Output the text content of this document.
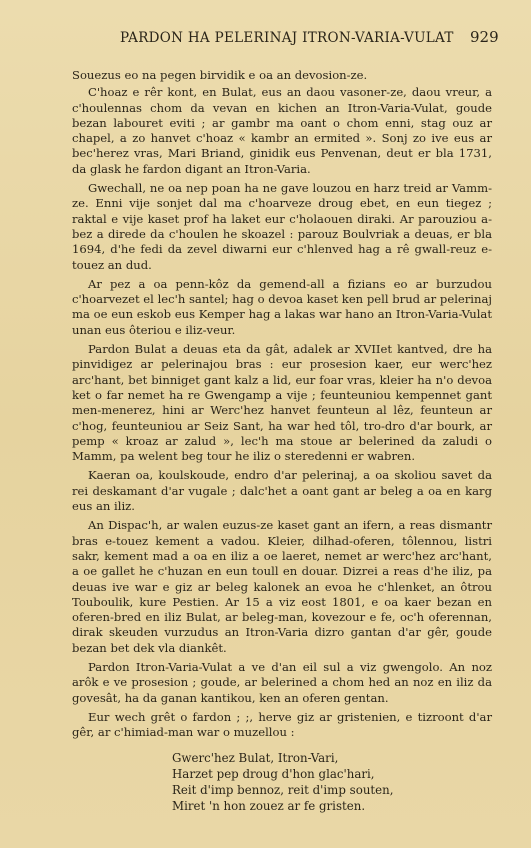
PARDON HA PELERINAJ ITRON-VARIA-VULAT 929

Souezus eo na pegen birvidik e oa an devosion-ze.

C'hoaz e rêr kont, en Bulat, eus an daou vasoner-ze, daou vreur, a c'houlennas chom da vevan en kichen an Itron-Varia-Vulat, goude bezan labouret eviti ; ar gambr ma oant o chom enni, stag ouz ar chapel, a zo hanvet c'hoaz « kambr an ermited ». Sonj zo ive eus ar bec'herez vras, Mari Briand, ginidik eus Penvenan, deut er bla 1731, da glask he fardon digant an Itron-Varia.

Gwechall, ne oa nep poan ha ne gave louzou en harz treid ar Vamm-ze. Enni vije sonjet dal ma c'hoarveze droug ebet, en eun tiegez ; raktal e vije kaset prof ha laket eur c'holaouen diraki. Ar parouziou a-bez a direde da c'houlen he skoazel : parouz Boulvriak a deuas, er bla 1694, d'he fedi da zevel diwarni eur c'hlenved hag a rê gwall-reuz e-touez an dud.

Ar pez a oa penn-kôz da gemend-all a fizians eo ar burzudou c'hoarvezet el lec'h santel; hag o devoa kaset ken pell brud ar pelerinaj ma oe eun eskob eus Kemper hag a lakas war hano an Itron-Varia-Vulat unan eus ôteriou e iliz-veur.

Pardon Bulat a deuas eta da gât, adalek ar XVIIet kantved, dre ha pinvidigez ar pelerinajou bras : eur prosesion kaer, eur werc'hez arc'hant, bet binniget gant kalz a lid, eur foar vras, kleier ha n'o devoa ket o far nemet ha re Gwengamp a vije ; feunteuniou kempennet gant men-menerez, hini ar Werc'hez hanvet feunteun al lêz, feunteun ar c'hog, feunteuniou ar Seiz Sant, ha war hed tôl, tro-dro d'ar bourk, ar pemp « kroaz ar zalud », lec'h ma stoue ar belerined da zaludi o Mamm, pa welent beg tour he iliz o steredenni er wabren.

Kaeran oa, koulskoude, endro d'ar pelerinaj, a oa skoliou savet da rei deskamant d'ar vugale ; dalc'het a oant gant ar beleg a oa en karg eus an iliz.

An Dispac'h, ar walen euzus-ze kaset gant an ifern, a reas dismantr bras e-touez kement a vadou. Kleier, dilhad-oferen, tôlennou, listri sakr, kement mad a oa en iliz a oe laeret, nemet ar werc'hez arc'hant, a oe gallet he c'huzan en eun toull en douar. Dizrei a reas d'he iliz, pa deuas ive war e giz ar beleg kalonek an evoa he c'hlenket, an ôtrou Touboulik, kure Pestien. Ar 15 a viz eost 1801, e oa kaer bezan en oferen-bred en iliz Bulat, ar beleg-man, kovezour e fe, oc'h oferennan, dirak skeuden vurzudus an Itron-Varia dizro gantan d'ar gêr, goude bezan bet dek vla diankêt.

Pardon Itron-Varia-Vulat a ve d'an eil sul a viz gwengolo. An noz arôk e ve prosesion ; goude, ar belerined a chom hed an noz en iliz da govesât, ha da ganan kantikou, ken an oferen gentan.

Eur wech grêt o fardon ; ;, herve giz ar gristenien, e tizroont d'ar gêr, ar c'himiad-man war o muzellou :

Gwerc'hez Bulat, Itron-Vari,
Harzet pep droug d'hon glac'hari,
Reit d'imp bennoz, reit d'imp souten,
Miret 'n hon zouez ar fe gristen.
